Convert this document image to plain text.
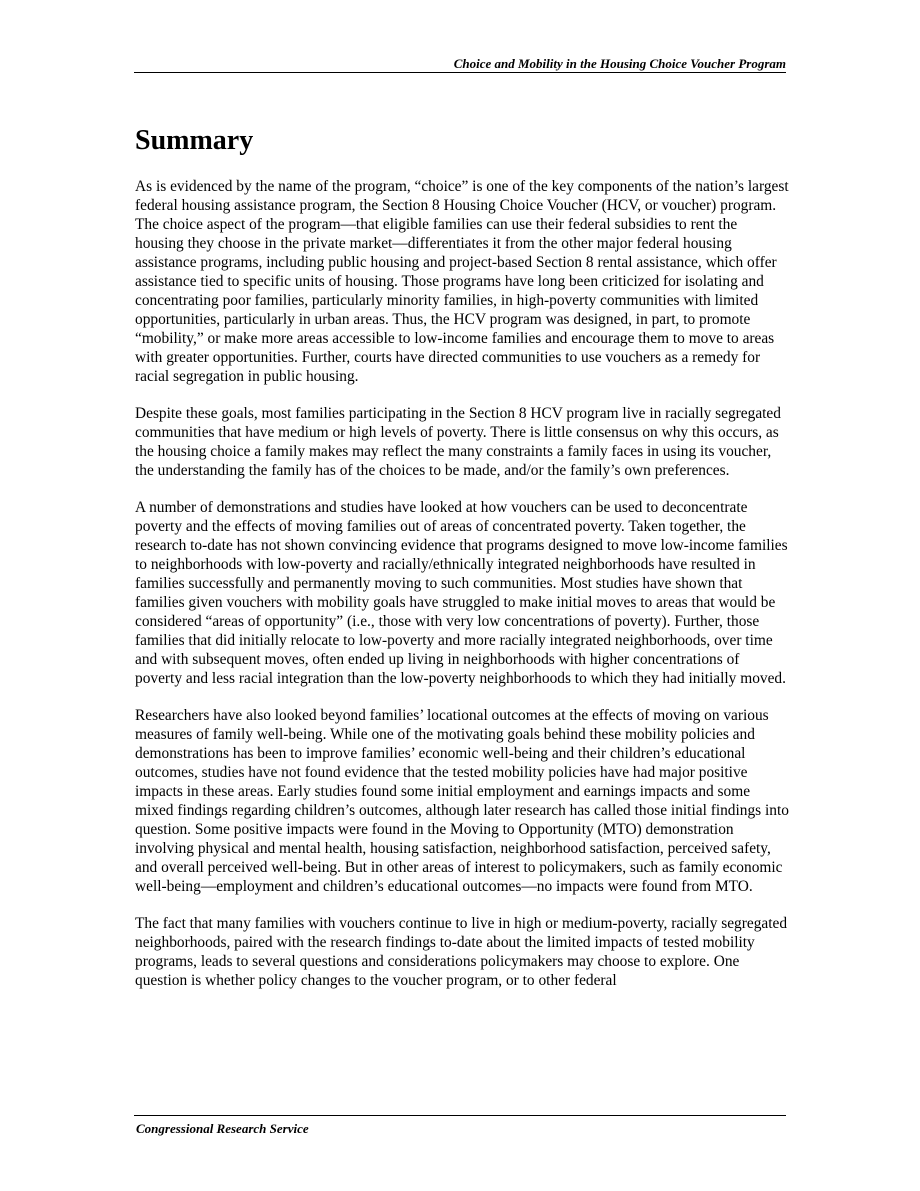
Choice and Mobility in the Housing Choice Voucher Program
Summary

As is evidenced by the name of the program, “choice” is one of the key components of the nation’s largest federal housing assistance program, the Section 8 Housing Choice Voucher (HCV, or voucher) program. The choice aspect of the program—that eligible families can use their federal subsidies to rent the housing they choose in the private market—differentiates it from the other major federal housing assistance programs, including public housing and project-based Section 8 rental assistance, which offer assistance tied to specific units of housing. Those programs have long been criticized for isolating and concentrating poor families, particularly minority families, in high-poverty communities with limited opportunities, particularly in urban areas. Thus, the HCV program was designed, in part, to promote “mobility,” or make more areas accessible to low-income families and encourage them to move to areas with greater opportunities. Further, courts have directed communities to use vouchers as a remedy for racial segregation in public housing.

Despite these goals, most families participating in the Section 8 HCV program live in racially segregated communities that have medium or high levels of poverty. There is little consensus on why this occurs, as the housing choice a family makes may reflect the many constraints a family faces in using its voucher, the understanding the family has of the choices to be made, and/or the family’s own preferences.

A number of demonstrations and studies have looked at how vouchers can be used to deconcentrate poverty and the effects of moving families out of areas of concentrated poverty. Taken together, the research to-date has not shown convincing evidence that programs designed to move low-income families to neighborhoods with low-poverty and racially/ethnically integrated neighborhoods have resulted in families successfully and permanently moving to such communities. Most studies have shown that families given vouchers with mobility goals have struggled to make initial moves to areas that would be considered “areas of opportunity” (i.e., those with very low concentrations of poverty). Further, those families that did initially relocate to low-poverty and more racially integrated neighborhoods, over time and with subsequent moves, often ended up living in neighborhoods with higher concentrations of poverty and less racial integration than the low-poverty neighborhoods to which they had initially moved.

Researchers have also looked beyond families’ locational outcomes at the effects of moving on various measures of family well-being. While one of the motivating goals behind these mobility policies and demonstrations has been to improve families’ economic well-being and their children’s educational outcomes, studies have not found evidence that the tested mobility policies have had major positive impacts in these areas. Early studies found some initial employment and earnings impacts and some mixed findings regarding children’s outcomes, although later research has called those initial findings into question. Some positive impacts were found in the Moving to Opportunity (MTO) demonstration involving physical and mental health, housing satisfaction, neighborhood satisfaction, perceived safety, and overall perceived well-being. But in other areas of interest to policymakers, such as family economic well-being—employment and children’s educational outcomes—no impacts were found from MTO.

The fact that many families with vouchers continue to live in high or medium-poverty, racially segregated neighborhoods, paired with the research findings to-date about the limited impacts of tested mobility programs, leads to several questions and considerations policymakers may choose to explore. One question is whether policy changes to the voucher program, or to other federal

Congressional Research Service
